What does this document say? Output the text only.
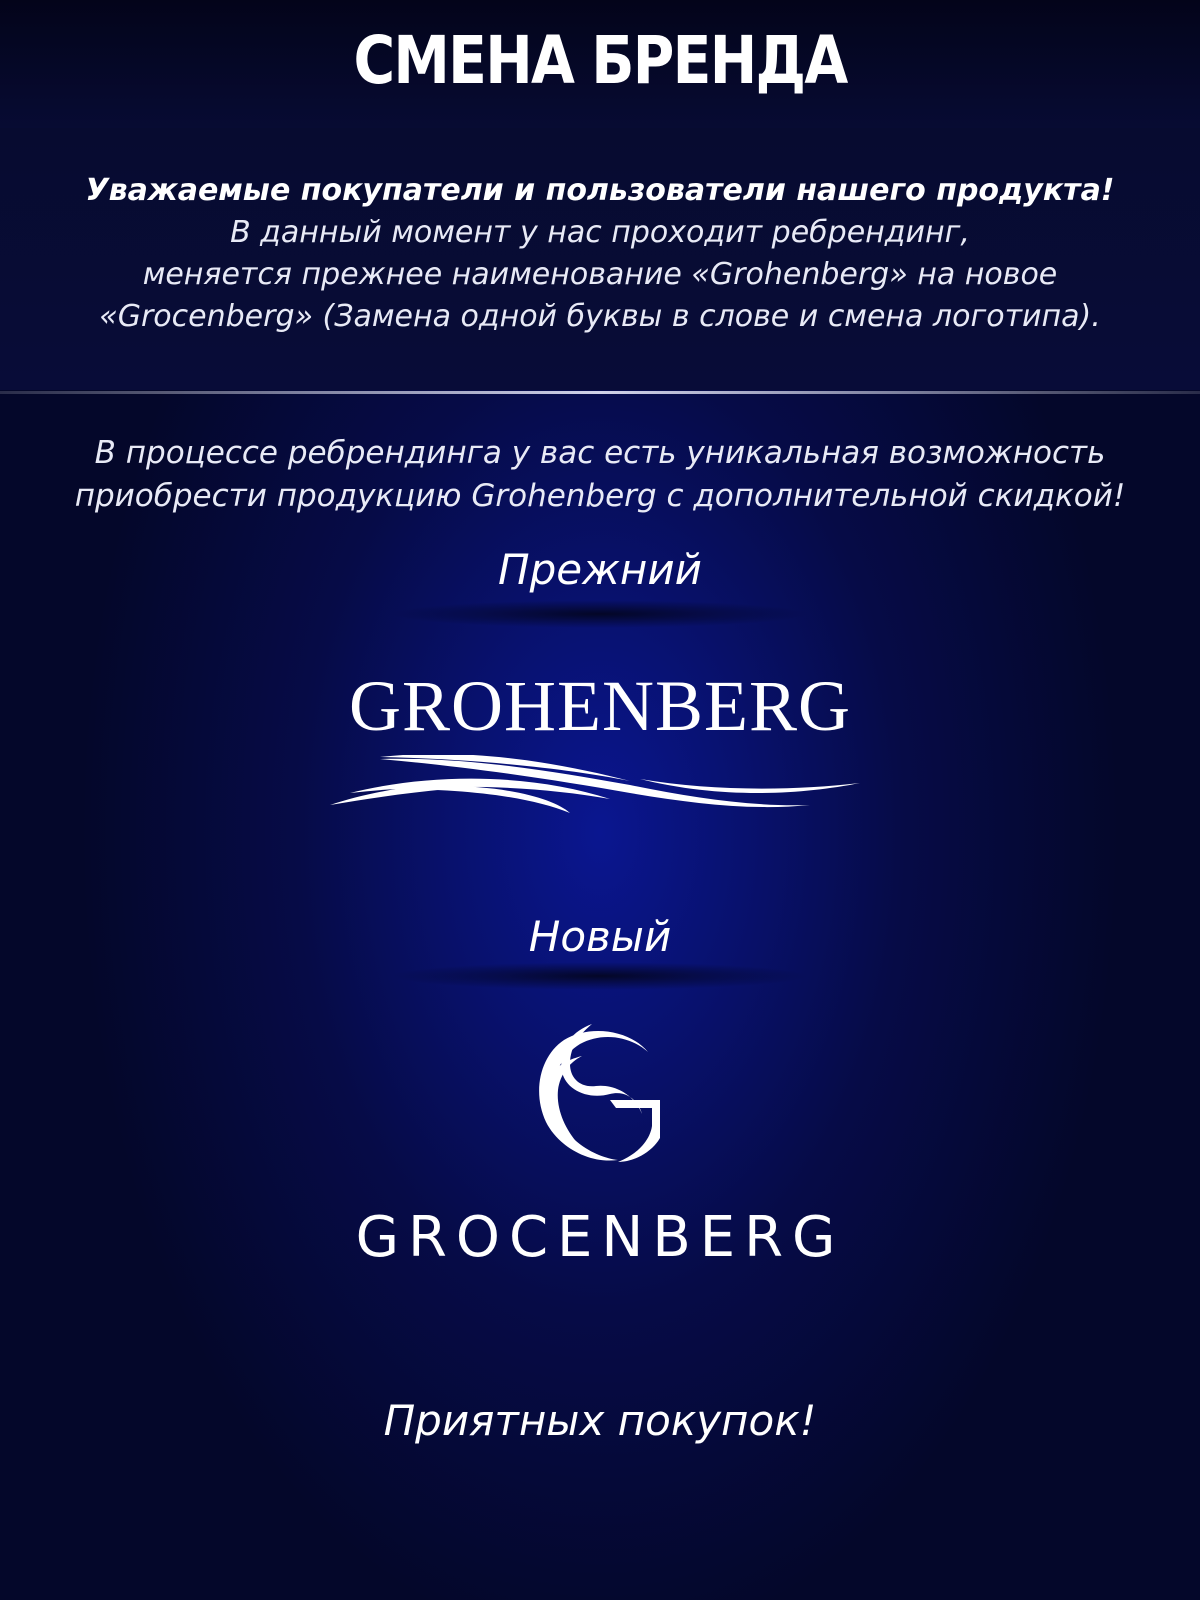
СМЕНА БРЕНДА
Уважаемые покупатели и пользователи нашего продукта!
В данный момент у нас проходит ребрендинг,
меняется прежнее наименование «Grohenberg» на новое
«Grocenberg» (Замена одной буквы в слове и смена логотипа).
В процессе ребрендинга у вас есть уникальная возможность
приобрести продукцию Grohenberg с дополнительной скидкой!
Прежний
GROHENBERG
Новый
GROCENBERG
Приятных покупок!
